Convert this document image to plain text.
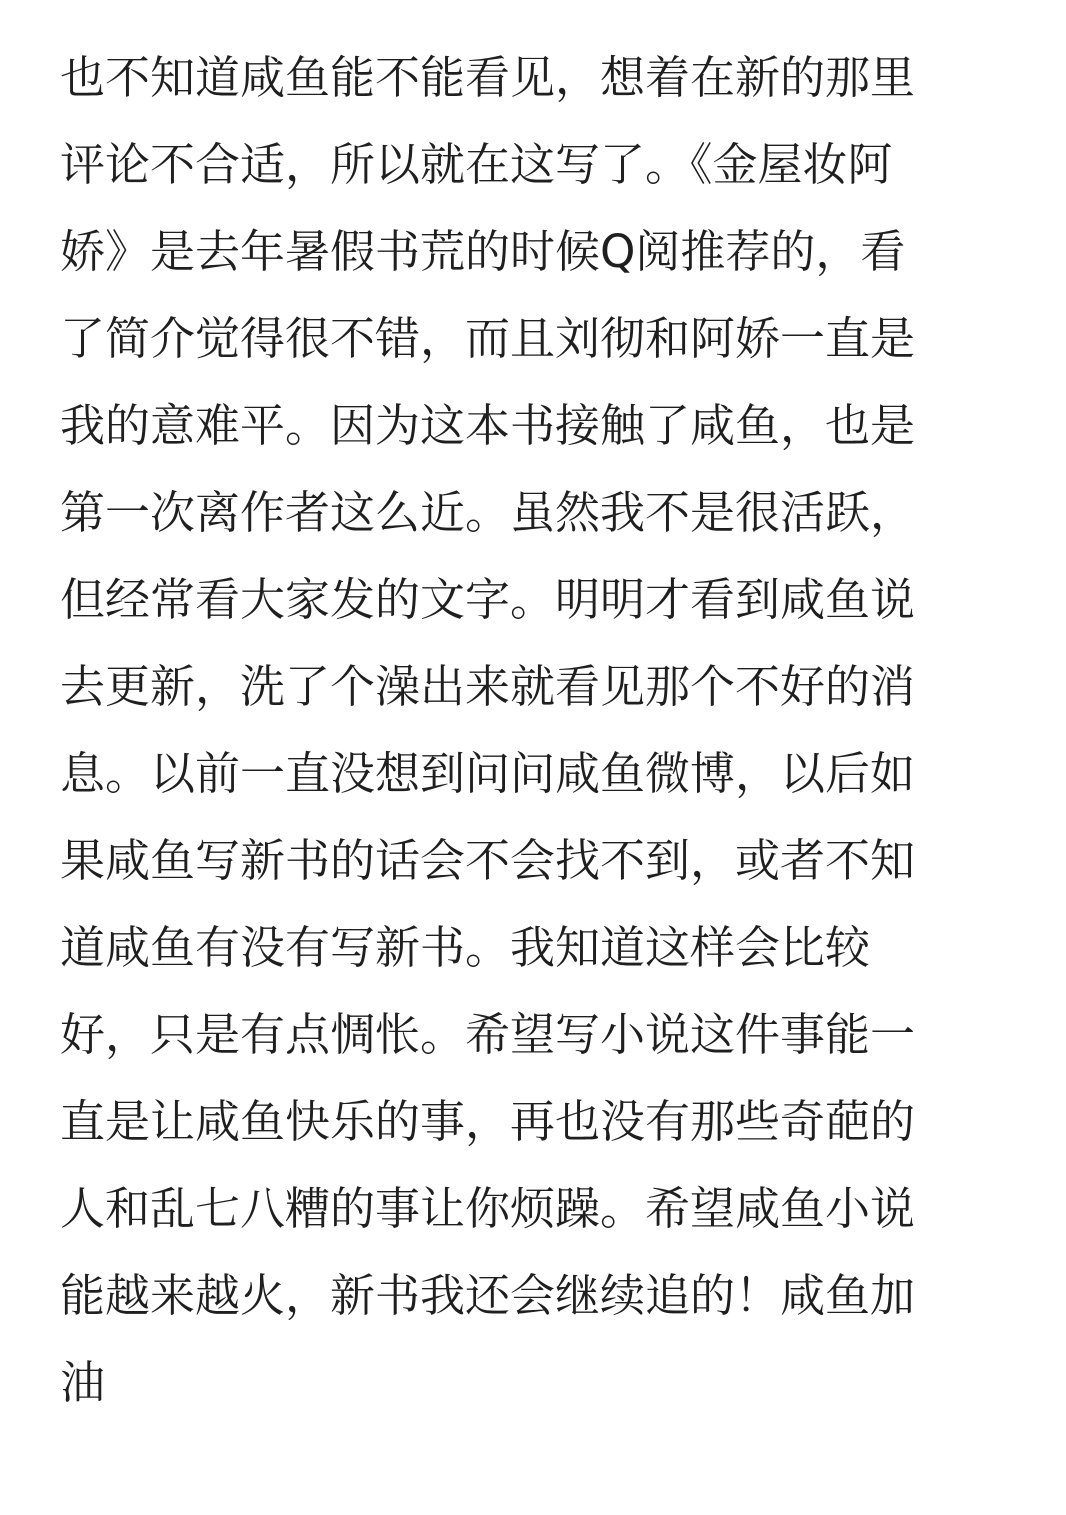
也不知道咸鱼能不能看见，想着在新的那里
评论不合适，所以就在这写了。《金屋妆阿
娇》是去年暑假书荒的时候Q阅推荐的，看
了简介觉得很不错，而且刘彻和阿娇一直是
我的意难平。因为这本书接触了咸鱼，也是
第一次离作者这么近。虽然我不是很活跃，
但经常看大家发的文字。明明才看到咸鱼说
去更新，洗了个澡出来就看见那个不好的消
息。以前一直没想到问问咸鱼微博，以后如
果咸鱼写新书的话会不会找不到，或者不知
道咸鱼有没有写新书。我知道这样会比较
好，只是有点惆怅。希望写小说这件事能一
直是让咸鱼快乐的事，再也没有那些奇葩的
人和乱七八糟的事让你烦躁。希望咸鱼小说
能越来越火，新书我还会继续追的！咸鱼加
油
